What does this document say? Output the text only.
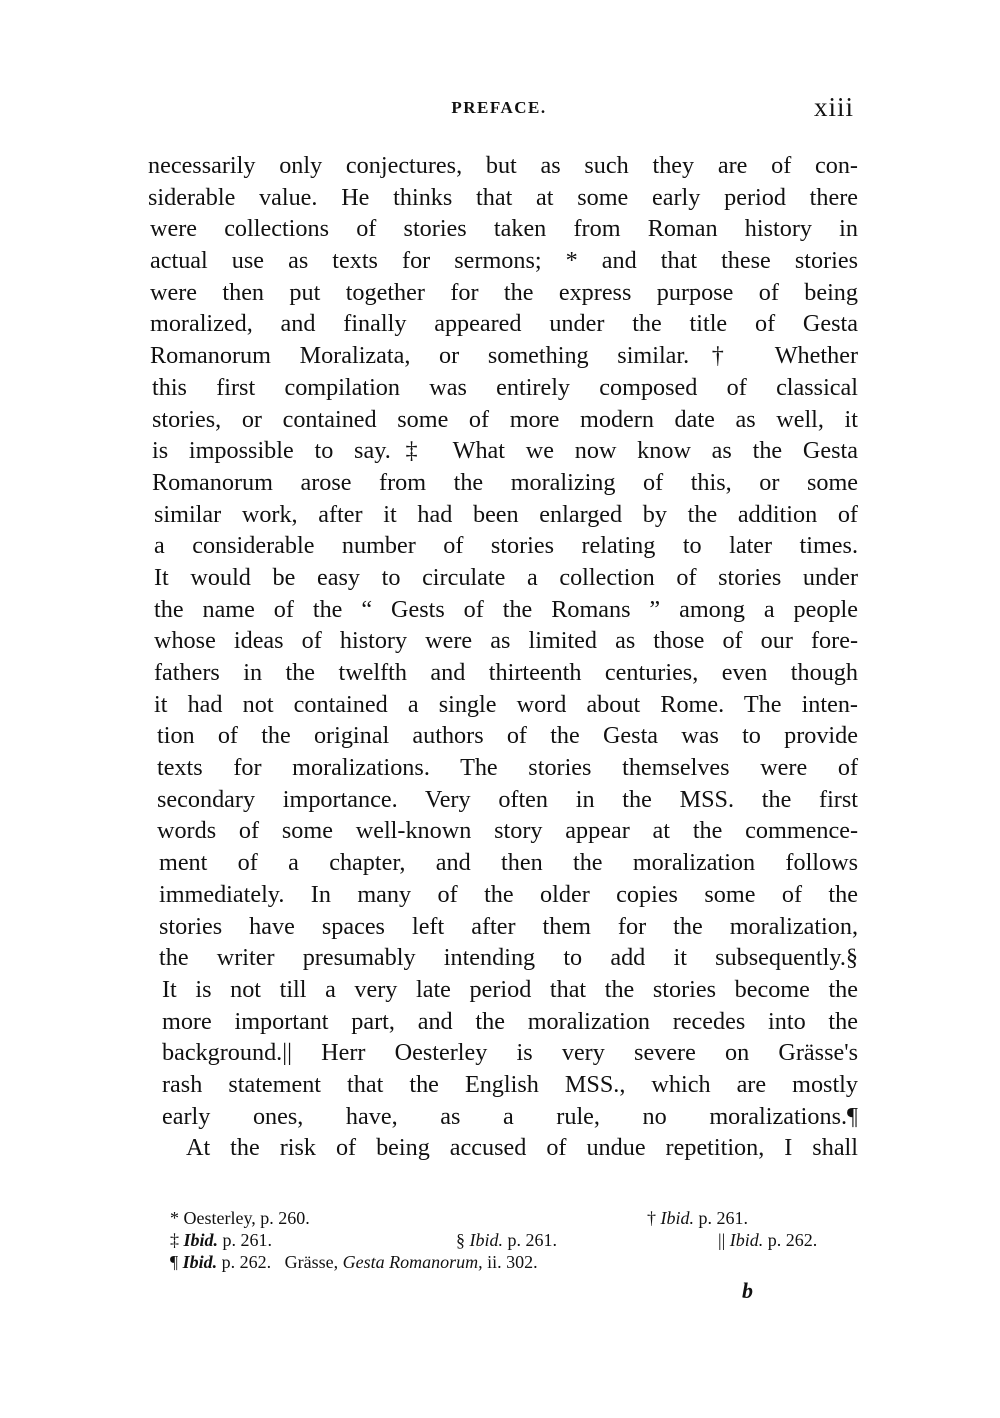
PREFACE.	xiii
necessarily only conjectures, but as such they are of con-
siderable value. He thinks that at some early period there
were collections of stories taken from Roman history in
actual use as texts for sermons; * and that these stories
were then put together for the express purpose of being
moralized, and finally appeared under the title of Gesta
Romanorum Moralizata, or something similar.† Whether
this first compilation was entirely composed of classical
stories, or contained some of more modern date as well, it
is impossible to say.‡ What we now know as the Gesta
Romanorum arose from the moralizing of this, or some
similar work, after it had been enlarged by the addition of
a considerable number of stories relating to later times.
It would be easy to circulate a collection of stories under
the name of the “ Gests of the Romans ” among a people
whose ideas of history were as limited as those of our fore-
fathers in the twelfth and thirteenth centuries, even though
it had not contained a single word about Rome. The inten-
tion of the original authors of the Gesta was to provide
texts for moralizations. The stories themselves were of
secondary importance. Very often in the MSS. the first
words of some well-known story appear at the commence-
ment of a chapter, and then the moralization follows
immediately. In many of the older copies some of the
stories have spaces left after them for the moralization,
the writer presumably intending to add it subsequently.§
It is not till a very late period that the stories become the
more important part, and the moralization recedes into the
background.|| Herr Oesterley is very severe on Grässe's
rash statement that the English MSS., which are mostly
early ones, have, as a rule, no moralizations.¶
At the risk of being accused of undue repetition, I shall
* Oesterley, p. 260.	† Ibid. p. 261.
‡ Ibid. p. 261.	§ Ibid. p. 261.	|| Ibid. p. 262.
¶ Ibid. p. 262. Grässe, Gesta Romanorum, ii. 302.
b
